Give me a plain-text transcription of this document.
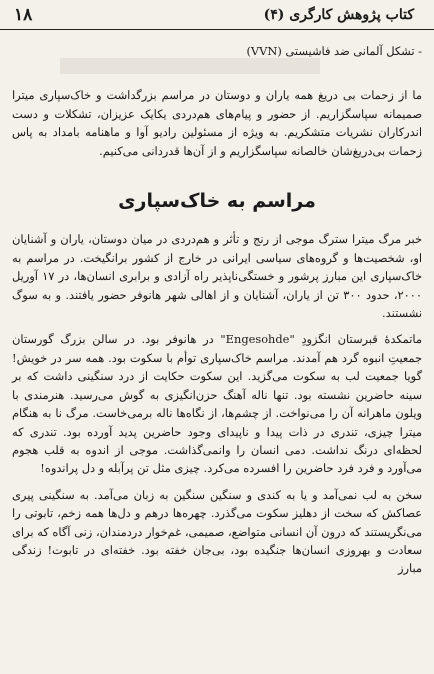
کتاب پژوهش کارگری (۴)
۱۸

- تشکل آلمانی ضد فاشیستی (VVN)

ما از زحمات بی دریغ همه یاران و دوستان در مراسم بزرگداشت و خاک‌سپاری میترا صمیمانه سپاسگزاریم. از حضور و پیام‌های هم‌دردی یکایک عزیزان، تشکلات و دست اندرکاران نشریات متشکریم. به ویژه از مسئولین رادیو آوا و ماهنامه بامداد به پاس زحمات بی‌دریغ‌شان خالصانه سپاسگزاریم و از آن‌ها قدردانی می‌کنیم.

مراسم به خاک‌سپاری

خبر مرگ میترا سترگ موجی از رنج و تأثر و هم‌دردی در میان دوستان، یاران و آشنایان او، شخصیت‌ها و گروه‌های سیاسی ایرانی در خارج از کشور برانگیخت. در مراسم به خاک‌سپاری این مبارز پرشور و خستگی‌ناپذیر راه آزادی و برابری انسان‌ها، در ۱۷ آوریل ۲۰۰۰، حدود ۳۰۰ تن از یاران، آشنایان و از اهالی شهر هانوفر حضور یافتند. و به سوگ نشستند.

ماتمکدهٔ قبرستان انگزودِ "Engesohde" در هانوفر بود. در سالن بزرگ گورستان جمعیتِ انبوه گرد هم آمدند. مراسم خاک‌سپاری توأم با سکوت بود. همه سر در خویش!گویا جمعیت لب به سکوت می‌گزید. این سکوت حکایت از درد سنگینی داشت که بر سینه حاضرین نشسته بود. تنها ناله آهنگ حزن‌انگیزی به گوش می‌رسید. هنرمندی با ویلون ماهرانه آن را می‌نواخت. از چشم‌ها، از نگاه‌ها ناله برمی‌خاست. مرگ نا به هنگام میترا چیزی، تندری در ذات پیدا و ناپیدای وجود حاضرین پدید آورده بود. تندری که لحظه‌ای درنگ نداشت. دمی انسان را وانمی‌گذاشت. موجی از اندوه به قلب هجوم می‌آورد و فرد فرد حاضرین را افسرده می‌کرد. چیزی مثل تن پرآبله و دل پراندوه!

سخن به لب نمی‌آمد و یا به کندی و سنگین سنگین به زبان می‌آمد. به سنگینی پیری عصاکش که سخت از دهلیز سکوت می‌گذرد. چهره‌ها درهم و دل‌ها همه زخم، تابوتی را می‌نگریستند که درون آن انسانی متواضع، صمیمی، غم‌خوار دردمندان، زنی آگاه که برای سعادت و بهروزی انسان‌ها جنگیده بود، بی‌جان خفته بود. خفته‌ای در تابوت! زندگی مبارز
